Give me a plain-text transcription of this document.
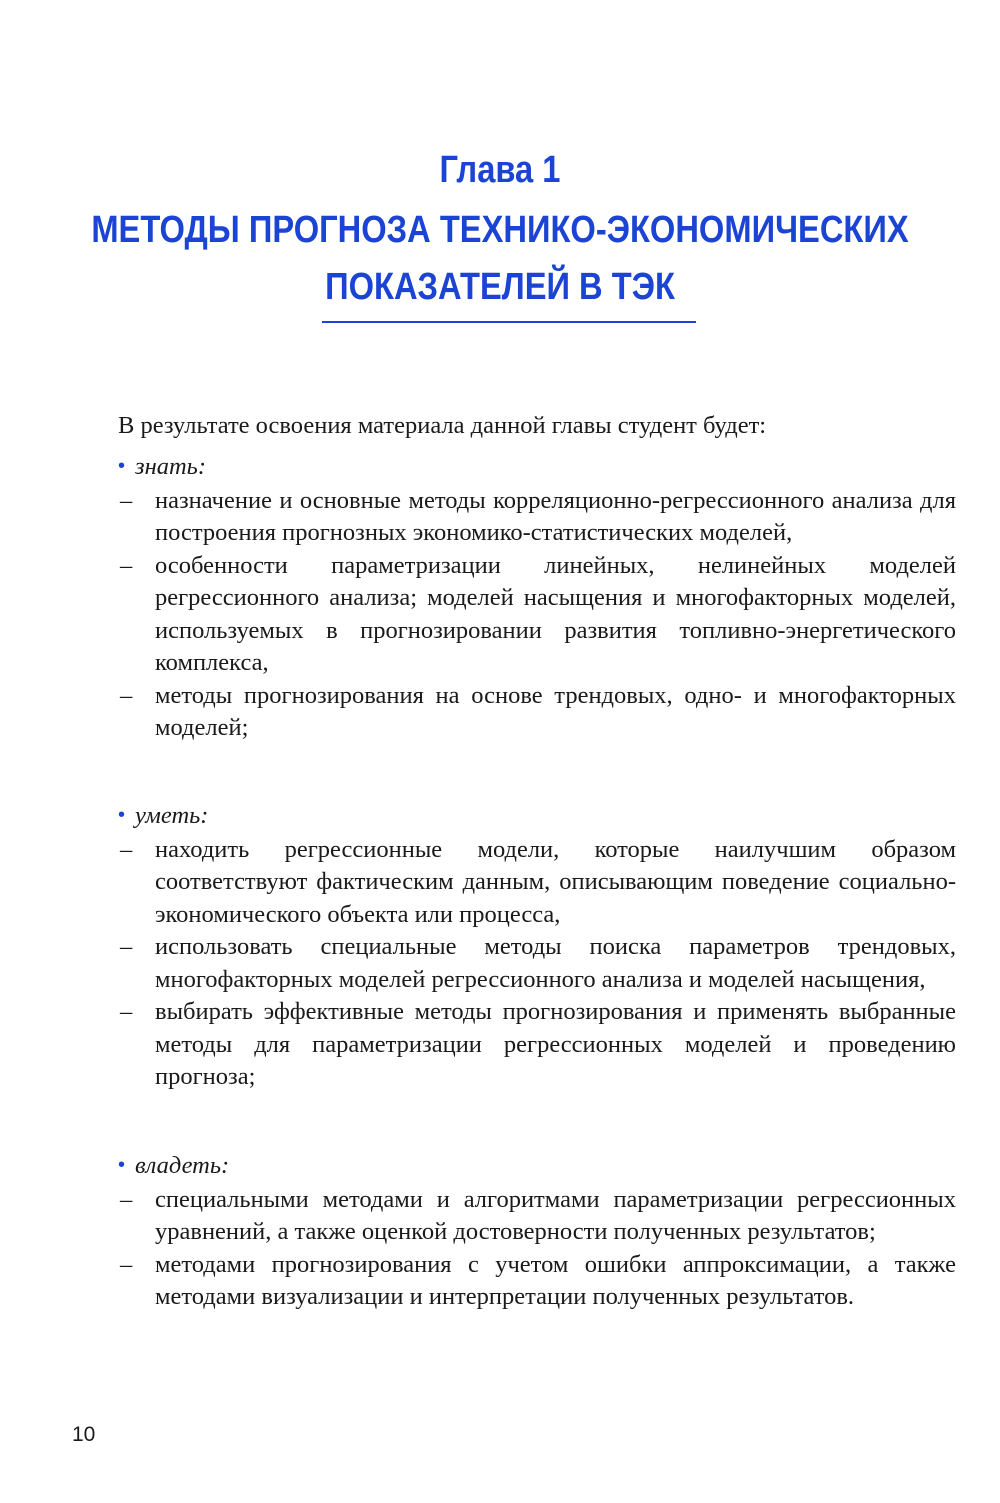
Глава 1
МЕТОДЫ ПРОГНОЗА ТЕХНИКО-ЭКОНОМИЧЕСКИХ ПОКАЗАТЕЛЕЙ В ТЭК
В результате освоения материала данной главы студент будет:
• знать:
– назначение и основные методы корреляционно-регрессионного анализа для построения прогнозных экономико-статистических моделей,
– особенности параметризации линейных, нелинейных моделей регрессионного анализа; моделей насыщения и многофакторных моделей, используемых в прогнозировании развития топливно-энергетического комплекса,
– методы прогнозирования на основе трендовых, одно- и многофакторных моделей;
• уметь:
– находить регрессионные модели, которые наилучшим образом соответствуют фактическим данным, описывающим поведение социально-экономического объекта или процесса,
– использовать специальные методы поиска параметров трендовых, многофакторных моделей регрессионного анализа и моделей насыщения,
– выбирать эффективные методы прогнозирования и применять выбранные методы для параметризации регрессионных моделей и проведению прогноза;
• владеть:
– специальными методами и алгоритмами параметризации регрессионных уравнений, а также оценкой достоверности полученных результатов;
– методами прогнозирования с учетом ошибки аппроксимации, а также методами визуализации и интерпретации полученных результатов.
10
